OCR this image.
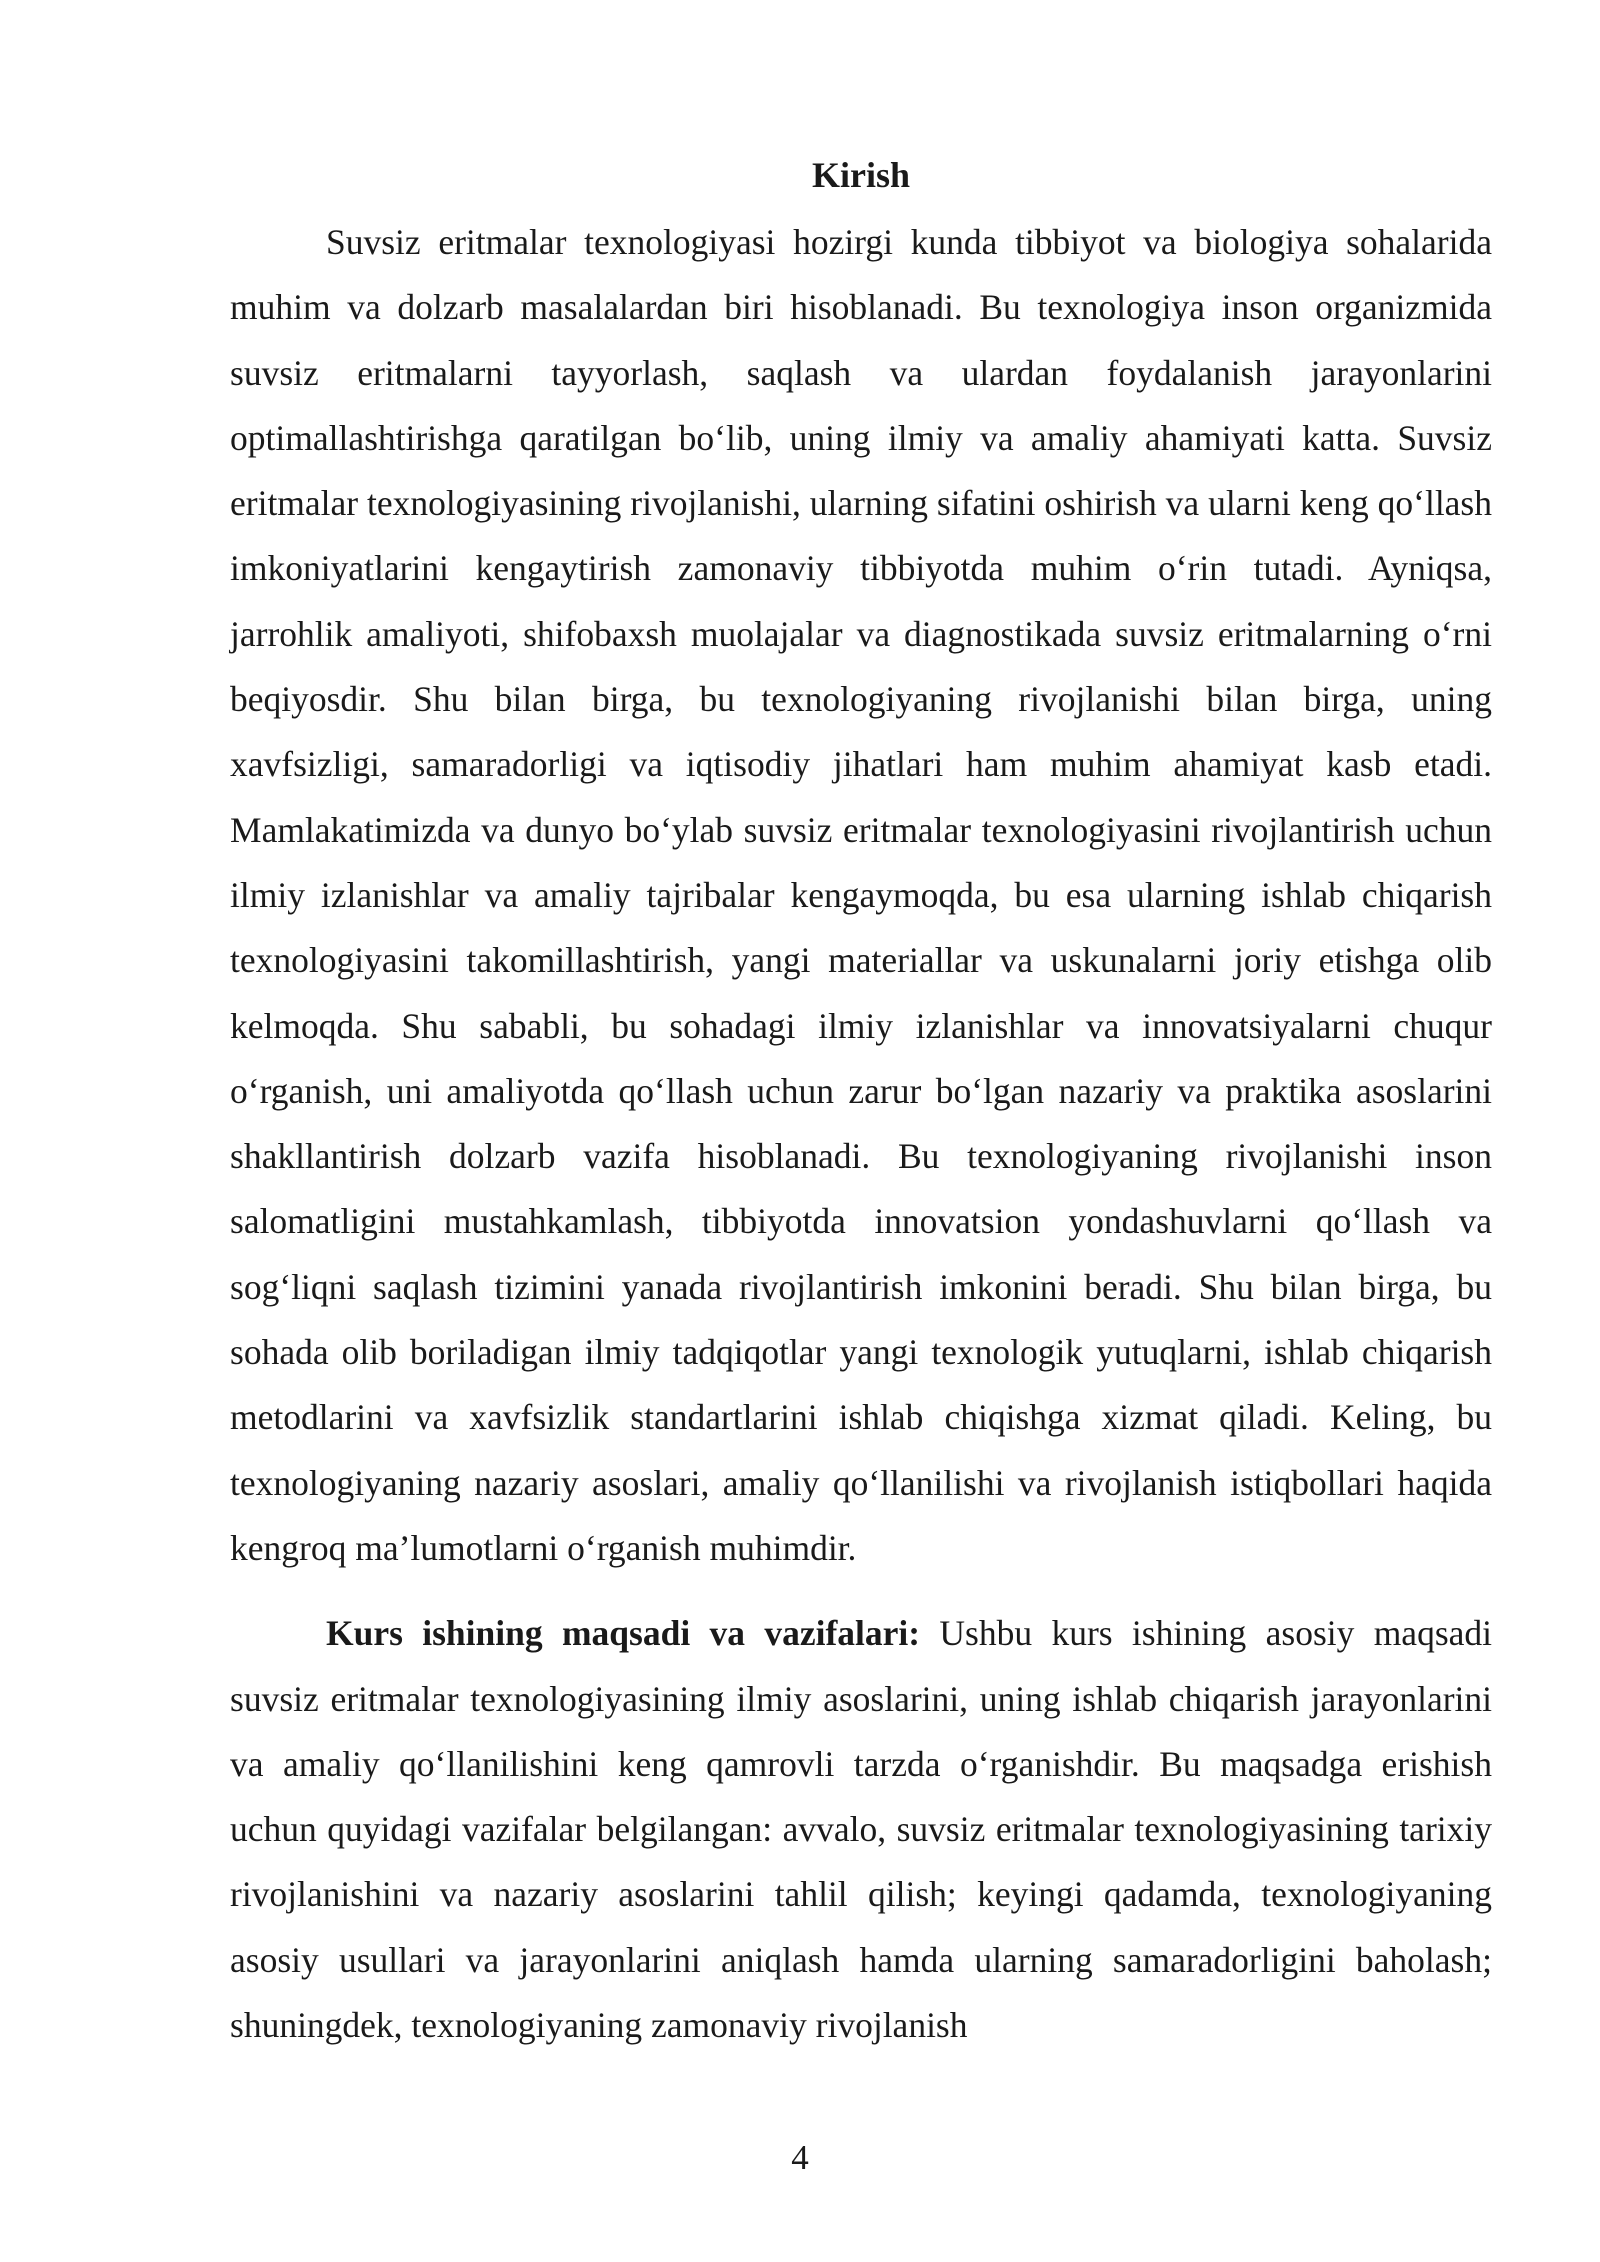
Kirish

Suvsiz eritmalar texnologiyasi hozirgi kunda tibbiyot va biologiya sohalarida muhim va dolzarb masalalardan biri hisoblanadi. Bu texnologiya inson organizmida suvsiz eritmalarni tayyorlash, saqlash va ulardan foydalanish jarayonlarini optimallashtirishga qaratilgan bo‘lib, uning ilmiy va amaliy ahamiyati katta. Suvsiz eritmalar texnologiyasining rivojlanishi, ularning sifatini oshirish va ularni keng qo‘llash imkoniyatlarini kengaytirish zamonaviy tibbiyotda muhim o‘rin tutadi. Ayniqsa, jarrohlik amaliyoti, shifobaxsh muolajalar va diagnostikada suvsiz eritmalarning o‘rni beqiyosdir. Shu bilan birga, bu texnologiyaning rivojlanishi bilan birga, uning xavfsizligi, samaradorligi va iqtisodiy jihatlari ham muhim ahamiyat kasb etadi. Mamlakatimizda va dunyo bo‘ylab suvsiz eritmalar texnologiyasini rivojlantirish uchun ilmiy izlanishlar va amaliy tajribalar kengaymoqda, bu esa ularning ishlab chiqarish texnologiyasini takomillashtirish, yangi materiallar va uskunalarni joriy etishga olib kelmoqda. Shu sababli, bu sohadagi ilmiy izlanishlar va innovatsiyalarni chuqur o‘rganish, uni amaliyotda qo‘llash uchun zarur bo‘lgan nazariy va praktika asoslarini shakllantirish dolzarb vazifa hisoblanadi. Bu texnologiyaning rivojlanishi inson salomatligini mustahkamlash, tibbiyotda innovatsion yondashuvlarni qo‘llash va sog‘liqni saqlash tizimini yanada rivojlantirish imkonini beradi. Shu bilan birga, bu sohada olib boriladigan ilmiy tadqiqotlar yangi texnologik yutuqlarni, ishlab chiqarish metodlarini va xavfsizlik standartlarini ishlab chiqishga xizmat qiladi. Keling, bu texnologiyaning nazariy asoslari, amaliy qo‘llanilishi va rivojlanish istiqbollari haqida kengroq ma’lumotlarni o‘rganish muhimdir.

Kurs ishining maqsadi va vazifalari: Ushbu kurs ishining asosiy maqsadi suvsiz eritmalar texnologiyasining ilmiy asoslarini, uning ishlab chiqarish jarayonlarini va amaliy qo‘llanilishini keng qamrovli tarzda o‘rganishdir. Bu maqsadga erishish uchun quyidagi vazifalar belgilangan: avvalo, suvsiz eritmalar texnologiyasining tarixiy rivojlanishini va nazariy asoslarini tahlil qilish; keyingi qadamda, texnologiyaning asosiy usullari va jarayonlarini aniqlash hamda ularning samaradorligini baholash; shuningdek, texnologiyaning zamonaviy rivojlanish

4
